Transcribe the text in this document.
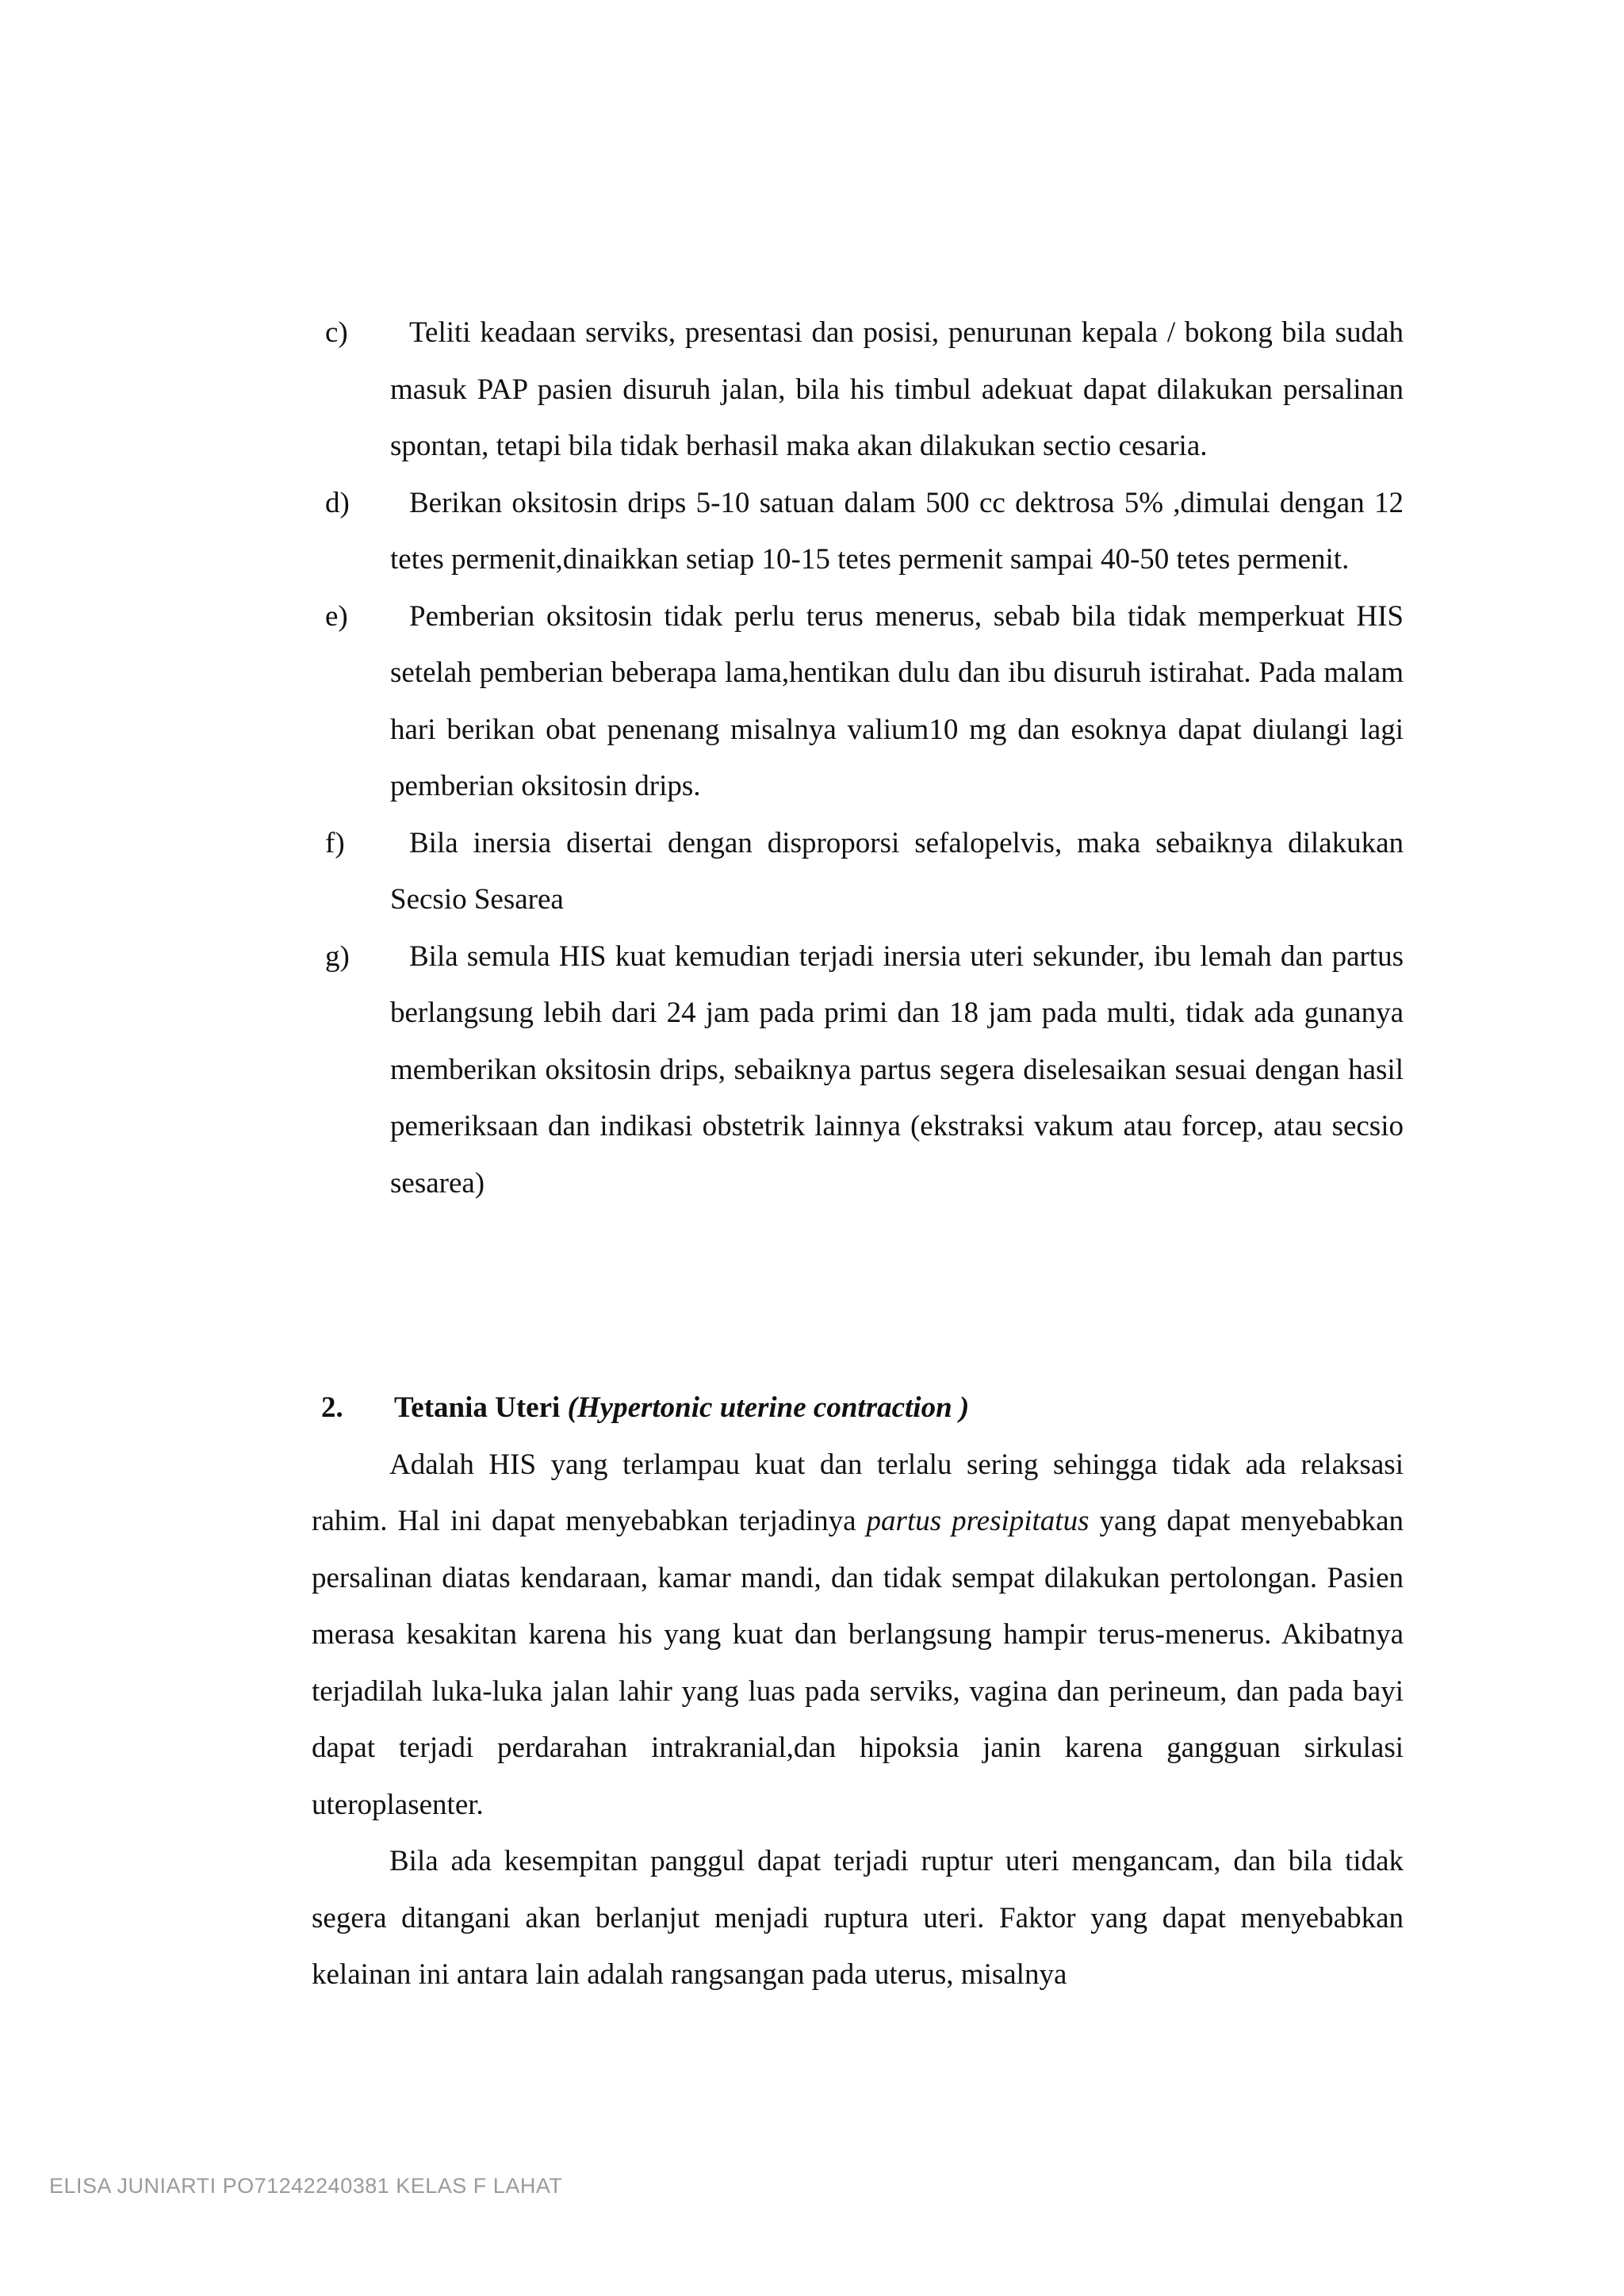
c)	Teliti keadaan serviks, presentasi dan posisi, penurunan kepala / bokong bila sudah masuk PAP pasien disuruh jalan, bila his timbul adekuat dapat dilakukan persalinan spontan, tetapi bila tidak berhasil maka akan dilakukan sectio cesaria.
d)	Berikan oksitosin drips 5-10 satuan dalam 500 cc dektrosa 5% ,dimulai dengan 12 tetes permenit,dinaikkan setiap 10-15 tetes permenit sampai 40-50 tetes permenit.
e)	Pemberian oksitosin tidak perlu terus menerus, sebab bila tidak memperkuat HIS setelah pemberian beberapa lama,hentikan dulu dan ibu disuruh istirahat. Pada malam hari berikan obat penenang misalnya valium10 mg dan esoknya dapat diulangi lagi pemberian oksitosin drips.
f)	Bila inersia disertai dengan disproporsi sefalopelvis, maka sebaiknya dilakukan Secsio Sesarea
g)	Bila semula HIS kuat kemudian terjadi inersia uteri sekunder, ibu lemah dan partus berlangsung lebih dari 24 jam pada primi dan 18 jam pada multi, tidak ada gunanya memberikan oksitosin drips, sebaiknya partus segera diselesaikan sesuai dengan hasil pemeriksaan dan indikasi obstetrik lainnya (ekstraksi vakum atau forcep, atau secsio sesarea)
2. Tetania Uteri (Hypertonic uterine contraction )

Adalah HIS yang terlampau kuat dan terlalu sering sehingga tidak ada relaksasi rahim. Hal ini dapat menyebabkan terjadinya partus presipitatus yang dapat menyebabkan persalinan diatas kendaraan, kamar mandi, dan tidak sempat dilakukan pertolongan. Pasien merasa kesakitan karena his yang kuat dan berlangsung hampir terus-menerus. Akibatnya terjadilah luka-luka jalan lahir yang luas pada serviks, vagina dan perineum, dan pada bayi dapat terjadi perdarahan intrakranial,dan hipoksia janin karena gangguan sirkulasi uteroplasenter.

Bila ada kesempitan panggul dapat terjadi ruptur uteri mengancam, dan bila tidak segera ditangani akan berlanjut menjadi ruptura uteri. Faktor yang dapat menyebabkan kelainan ini antara lain adalah rangsangan pada uterus, misalnya

ELISA JUNIARTI PO71242240381 KELAS F LAHAT
